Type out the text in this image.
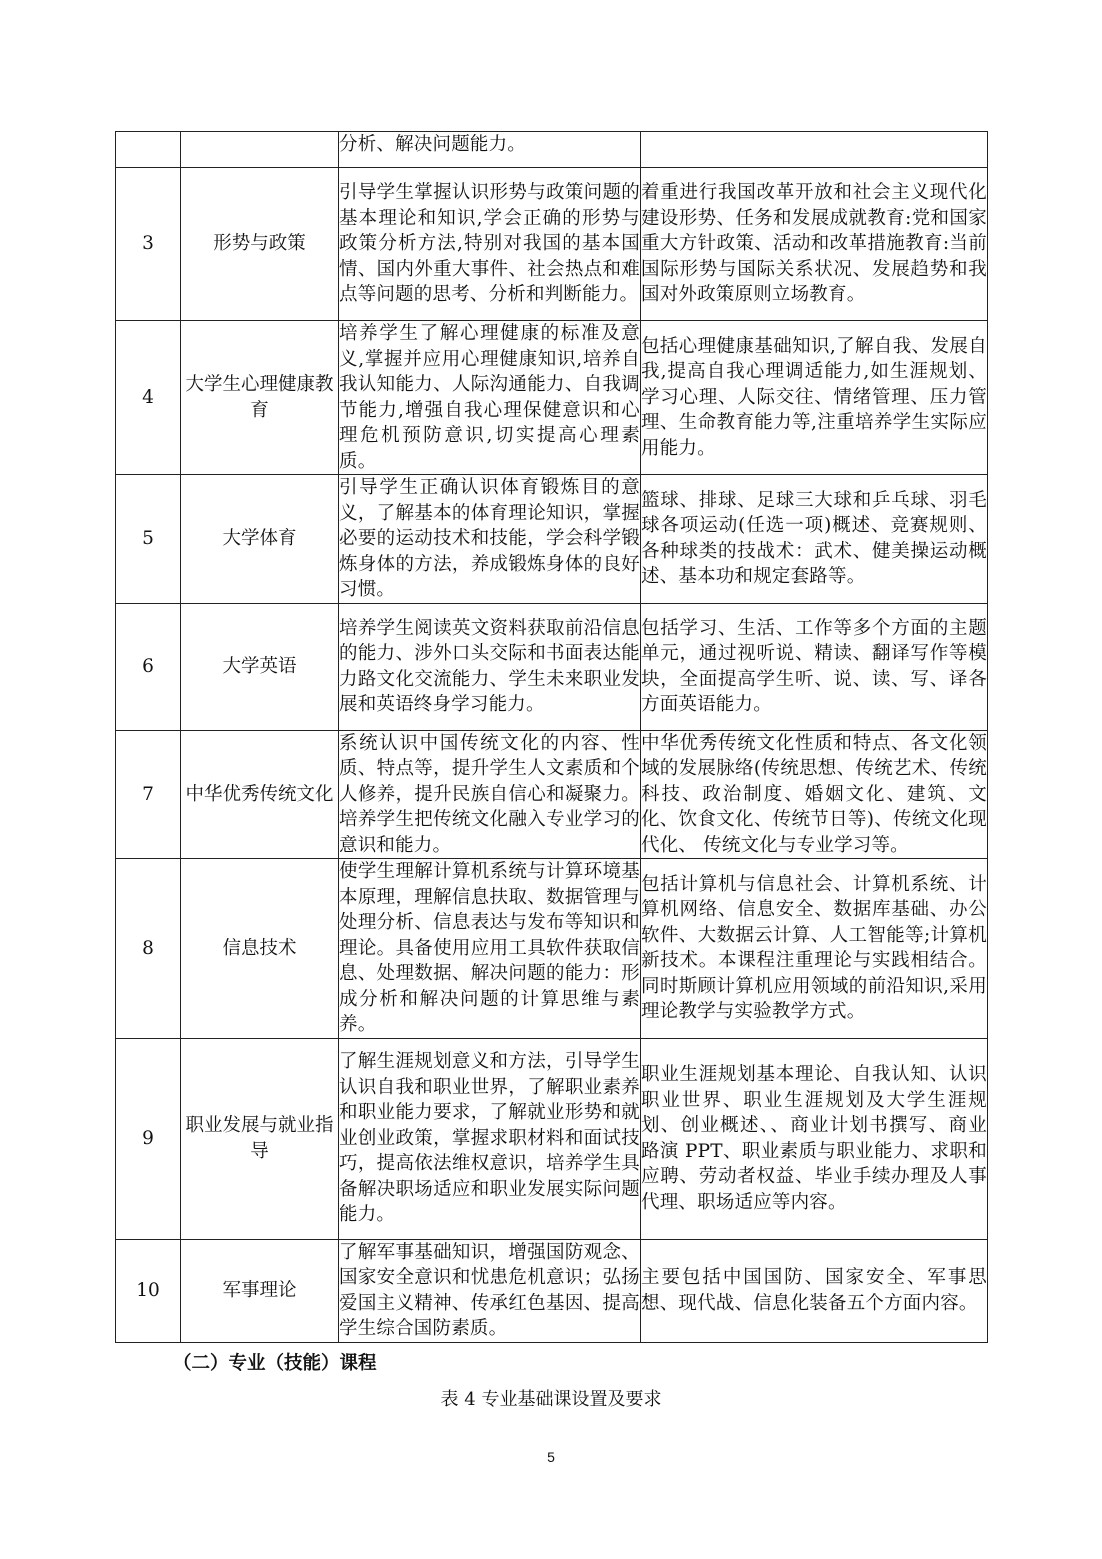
		分析、解决问题能力。	
3	形势与政策	引导学生掌握认识形势与政策问题的基本理论和知识,学会正确的形势与政策分析方法,特别对我国的基本国情、国内外重大事件、社会热点和难点等问题的思考、分析和判断能力。	着重进行我国改革开放和社会主义现代化建设形势、任务和发展成就教育:党和国家重大方针政策、活动和改革措施教育:当前国际形势与国际关系状况、发展趋势和我国对外政策原则立场教育。
4	大学生心理健康教育	培养学生了解心理健康的标准及意义,掌握并应用心理健康知识,培养自我认知能力、人际沟通能力、自我调节能力,增强自我心理保健意识和心理危机预防意识,切实提高心理素质。	包括心理健康基础知识,了解自我、发展自我,提高自我心理调适能力,如生涯规划、学习心理、人际交往、情绪管理、压力管理、生命教育能力等,注重培养学生实际应用能力。
5	大学体育	引导学生正确认识体育锻炼目的意义，了解基本的体育理论知识，掌握必要的运动技术和技能，学会科学锻炼身体的方法，养成锻炼身体的良好习惯。	篮球、排球、足球三大球和乒乓球、羽毛球各项运动(任选一项)概述、竞赛规则、各种球类的技战术：武术、健美操运动概述、基本功和规定套路等。
6	大学英语	培养学生阅读英文资料获取前沿信息的能力、涉外口头交际和书面表达能力路文化交流能力、学生未来职业发展和英语终身学习能力。	包括学习、生活、工作等多个方面的主题单元，通过视听说、精读、翻译写作等模块，全面提高学生听、说、读、写、译各方面英语能力。
7	中华优秀传统文化	系统认识中国传统文化的内容、性质、特点等，提升学生人文素质和个人修养，提升民族自信心和凝聚力。培养学生把传统文化融入专业学习的意识和能力。	中华优秀传统文化性质和特点、各文化领域的发展脉络(传统思想、传统艺术、传统科技、政治制度、婚姻文化、建筑、文化、饮食文化、传统节日等)、传统文化现代化、 传统文化与专业学习等。
8	信息技术	使学生理解计算机系统与计算环境基本原理，理解信息扶取、数据管理与处理分析、信息表达与发布等知识和理论。具备使用应用工具软件获取信息、处理数据、解决问题的能力：形成分析和解决问题的计算思维与素养。	包括计算机与信息社会、计算机系统、计算机网络、信息安全、数据库基础、办公软件、大数据云计算、人工智能等;计算机新技术。本课程注重理论与实践相结合。同时斯顾计算机应用领域的前沿知识,采用理论教学与实验教学方式。
9	职业发展与就业指导	了解生涯规划意义和方法，引导学生认识自我和职业世界，了解职业素养和职业能力要求，了解就业形势和就业创业政策，掌握求职材料和面试技巧，提高依法维权意识，培养学生具备解决职场适应和职业发展实际问题能力。	职业生涯规划基本理论、自我认知、认识职业世界、职业生涯规划及大学生涯规划、创业概述、、商业计划书撰写、商业路演 PPT、职业素质与职业能力、求职和应聘、劳动者权益、毕业手续办理及人事代理、职场适应等内容。
10	军事理论	了解军事基础知识，增强国防观念、国家安全意识和忧患危机意识；弘扬爱国主义精神、传承红色基因、提高学生综合国防素质。	主要包括中国国防、国家安全、军事思想、现代战、信息化装备五个方面内容。
（二）专业（技能）课程
表 4 专业基础课设置及要求
5
